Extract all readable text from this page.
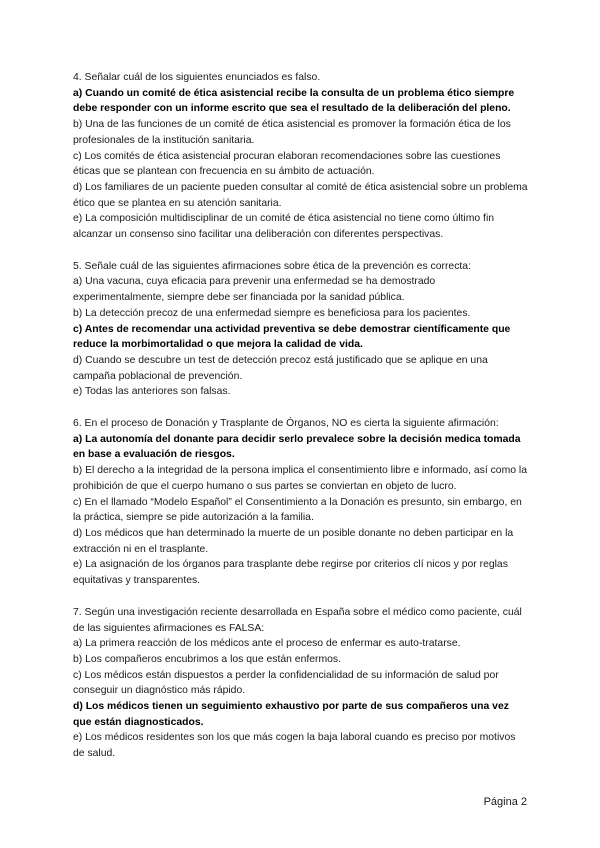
4. Señalar cuál de los siguientes enunciados es falso.
a) Cuando un comité de ética asistencial recibe la consulta de un problema ético siempre debe responder con un informe escrito que sea el resultado de la deliberación del pleno.
b) Una de las funciones de un comité de ética asistencial es promover la formación ética de los profesionales de la institución sanitaria.
c) Los comités de ética asistencial procuran elaboran recomendaciones sobre las cuestiones éticas que se plantean con frecuencia en su ámbito de actuación.
d) Los familiares de un paciente pueden consultar al comité de ética asistencial sobre un problema ético que se plantea en su atención sanitaria.
e) La composición multidisciplinar de un comité de ética asistencial no tiene como último fin alcanzar un consenso sino facilitar una deliberación con diferentes perspectivas.
5. Señale cuál de las siguientes afirmaciones sobre ética de la prevención es correcta:
a) Una vacuna, cuya eficacia para prevenir una enfermedad se ha demostrado experimentalmente, siempre debe ser financiada por la sanidad pública.
b) La detección precoz de una enfermedad siempre es beneficiosa para los pacientes.
c) Antes de recomendar una actividad preventiva se debe demostrar científicamente que reduce la morbimortalidad o que mejora la calidad de vida.
d) Cuando se descubre un test de detección precoz está justificado que se aplique en una campaña poblacional de prevención.
e) Todas las anteriores son falsas.
6. En el proceso de Donación y Trasplante de Órganos, NO es cierta la siguiente afirmación:
a) La autonomía del donante para decidir serlo prevalece sobre la decisión medica tomada en base a evaluación de riesgos.
b) El derecho a la integridad de la persona implica el consentimiento libre e informado, así como la prohibición de que el cuerpo humano o sus partes se conviertan en objeto de lucro.
c) En el llamado “Modelo Español” el Consentimiento a la Donación es presunto, sin embargo, en la práctica, siempre se pide autorización a la familia.
d) Los médicos que han determinado la muerte de un posible donante no deben participar en la extracción ni en el trasplante.
e) La asignación de los órganos para trasplante debe regirse por criterios clí nicos y por reglas equitativas y transparentes.
7. Según una investigación reciente desarrollada en España sobre el médico como paciente, cuál de las siguientes afirmaciones es FALSA:
a) La primera reacción de los médicos ante el proceso de enfermar es auto-tratarse.
b) Los compañeros encubrimos a los que están enfermos.
c) Los médicos están dispuestos a perder la confidencialidad de su información de salud por conseguir un diagnóstico más rápido.
d) Los médicos tienen un seguimiento exhaustivo por parte de sus compañeros una vez que están diagnosticados.
e) Los médicos residentes son los que más cogen la baja laboral cuando es preciso por motivos de salud.
Página 2
